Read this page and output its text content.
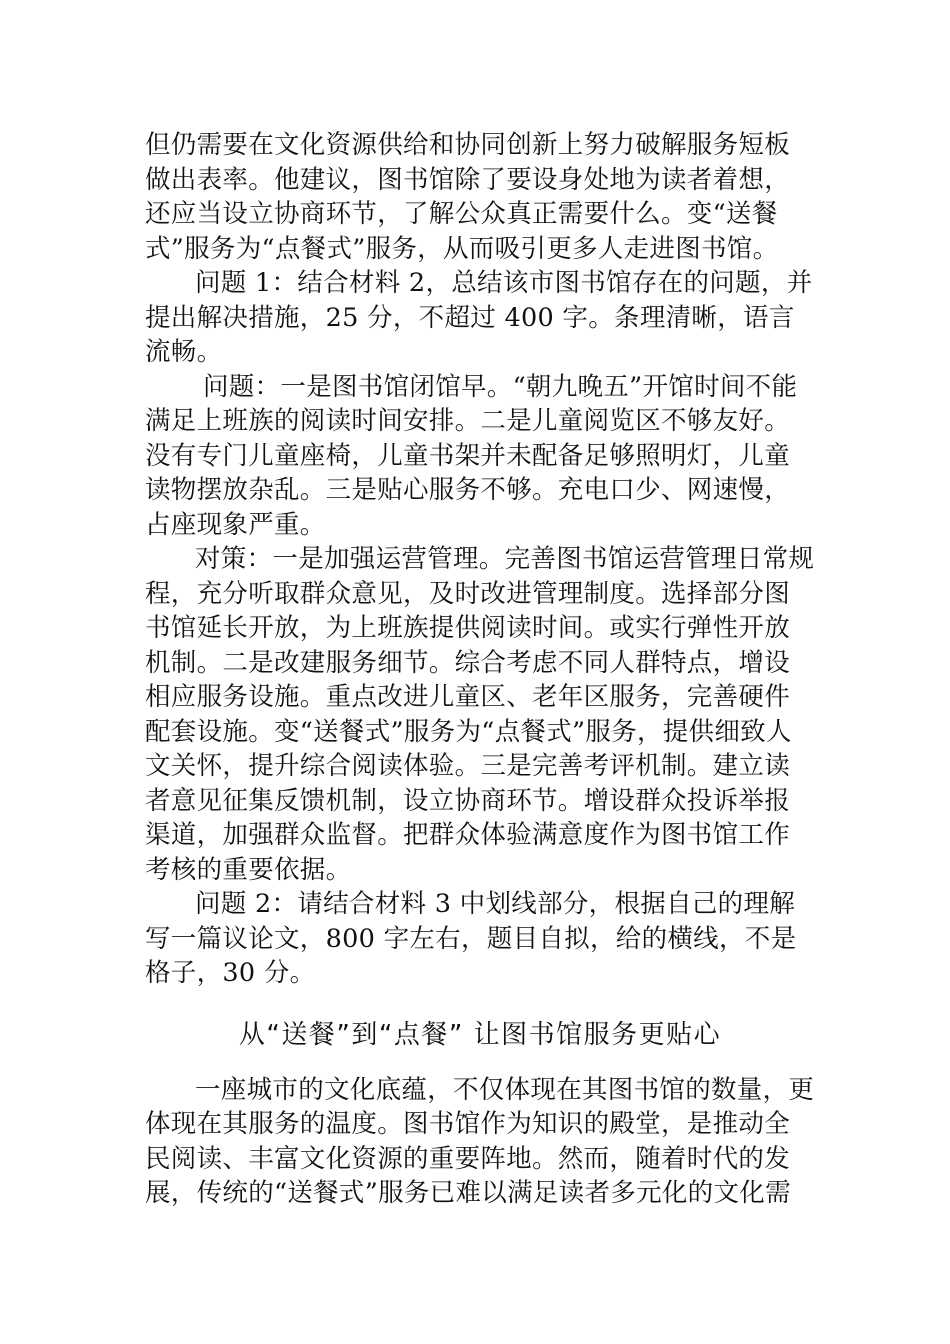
但仍需要在文化资源供给和协同创新上努力破解服务短板做出表率。他建议，图书馆除了要设身处地为读者着想，还应当设立协商环节，了解公众真正需要什么。变“送餐式”服务为“点餐式”服务，从而吸引更多人走进图书馆。

问题 1：结合材料 2，总结该市图书馆存在的问题，并提出解决措施，25 分，不超过 400 字。条理清晰，语言流畅。

问题：一是图书馆闭馆早。“朝九晚五”开馆时间不能满足上班族的阅读时间安排。二是儿童阅览区不够友好。没有专门儿童座椅，儿童书架并未配备足够照明灯，儿童读物摆放杂乱。三是贴心服务不够。充电口少、网速慢，占座现象严重。

对策：一是加强运营管理。完善图书馆运营管理日常规程，充分听取群众意见，及时改进管理制度。选择部分图书馆延长开放，为上班族提供阅读时间。或实行弹性开放机制。二是改建服务细节。综合考虑不同人群特点，增设相应服务设施。重点改进儿童区、老年区服务，完善硬件配套设施。变“送餐式”服务为“点餐式”服务，提供细致人文关怀，提升综合阅读体验。三是完善考评机制。建立读者意见征集反馈机制，设立协商环节。增设群众投诉举报渠道，加强群众监督。把群众体验满意度作为图书馆工作考核的重要依据。

问题 2：请结合材料 3 中划线部分，根据自己的理解写一篇议论文，800 字左右，题目自拟，给的横线，不是格子，30 分。

从“送餐”到“点餐” 让图书馆服务更贴心

一座城市的文化底蕴，不仅体现在其图书馆的数量，更体现在其服务的温度。图书馆作为知识的殿堂，是推动全民阅读、丰富文化资源的重要阵地。然而，随着时代的发展，传统的“送餐式”服务已难以满足读者多元化的文化需
